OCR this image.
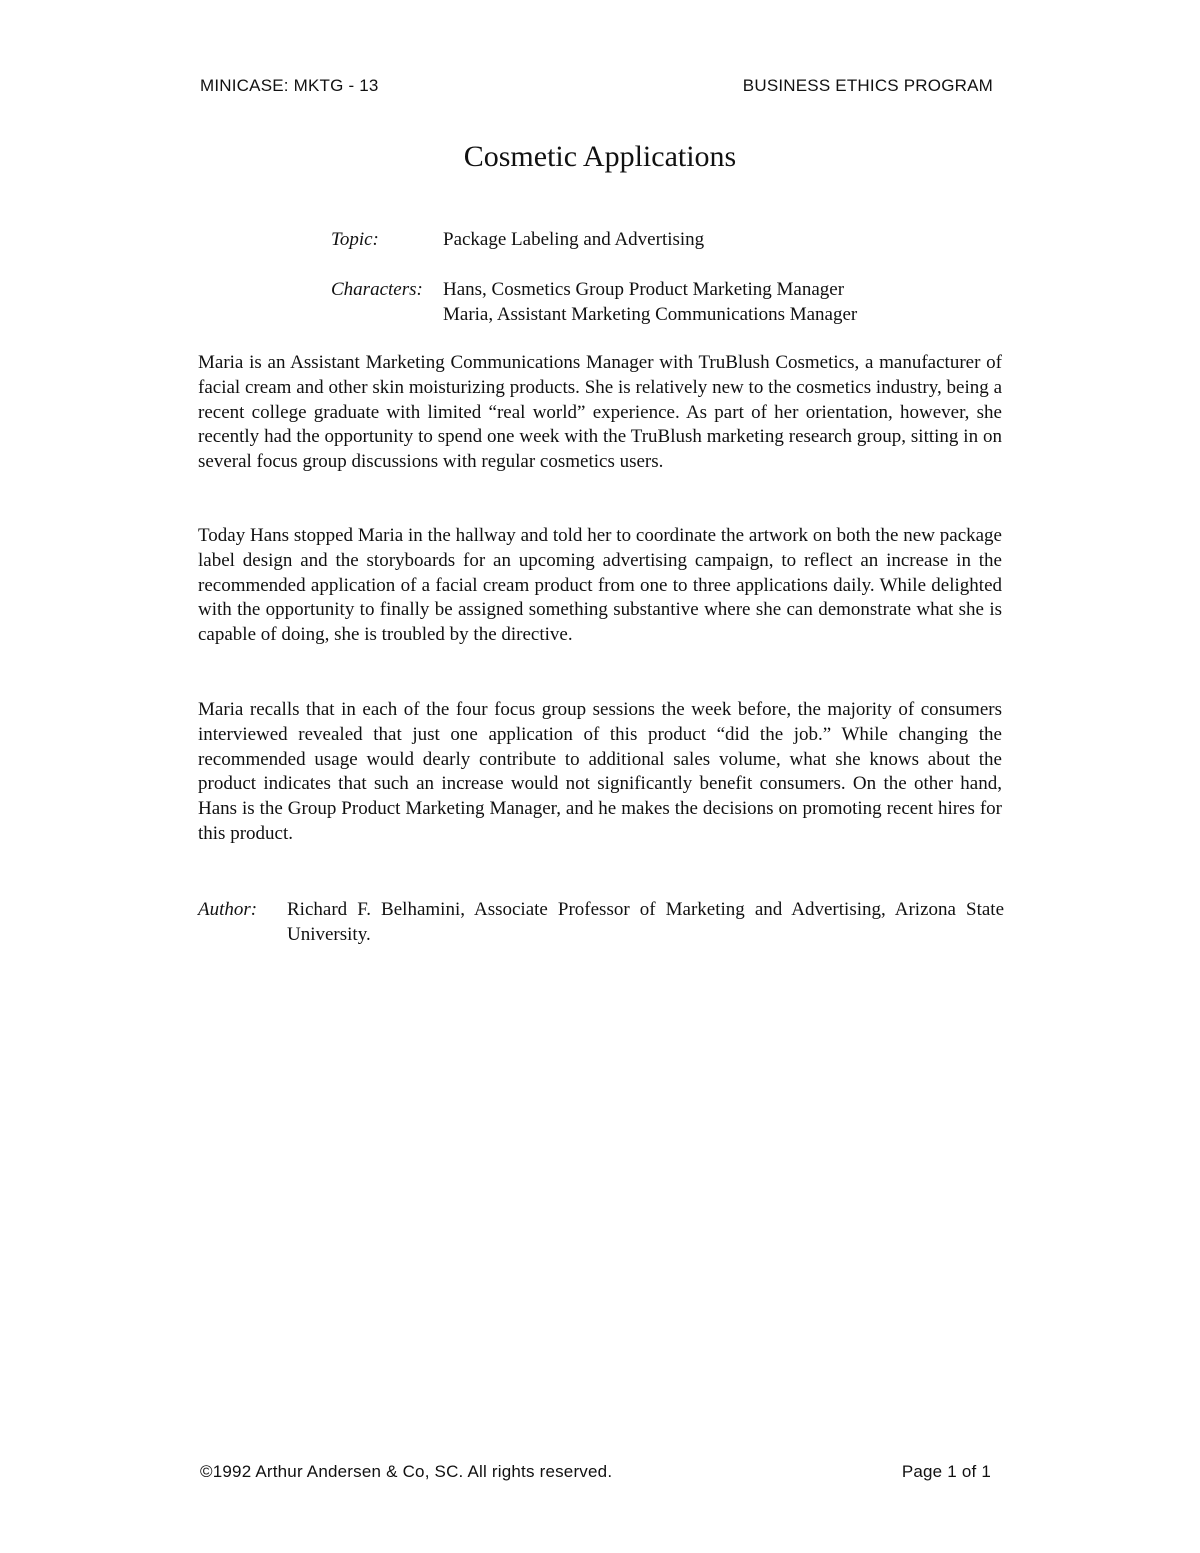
MINICASE: MKTG - 13	BUSINESS ETHICS PROGRAM
Cosmetic Applications
Topic:	Package Labeling and Advertising
Characters: Hans, Cosmetics Group Product Marketing Manager
Maria, Assistant Marketing Communications Manager

Maria is an Assistant Marketing Communications Manager with TruBlush Cosmetics, a manufacturer of facial cream and other skin moisturizing products. She is relatively new to the cosmetics industry, being a recent college graduate with limited “real world” experience. As part of her orientation, however, she recently had the opportunity to spend one week with the TruBlush marketing research group, sitting in on several focus group discussions with regular cosmetics users.

Today Hans stopped Maria in the hallway and told her to coordinate the artwork on both the new package label design and the storyboards for an upcoming advertising campaign, to reflect an increase in the recommended application of a facial cream product from one to three applications daily. While delighted with the opportunity to finally be assigned something substantive where she can demonstrate what she is capable of doing, she is troubled by the directive.

Maria recalls that in each of the four focus group sessions the week before, the majority of consumers interviewed revealed that just one application of this product “did the job.” While changing the recommended usage would dearly contribute to additional sales volume, what she knows about the product indicates that such an increase would not significantly benefit consumers. On the other hand, Hans is the Group Product Marketing Manager, and he makes the decisions on promoting recent hires for this product.

Author: Richard F. Belhamini, Associate Professor of Marketing and Advertising, Arizona State University.
©1992 Arthur Andersen & Co, SC. All rights reserved.	Page 1 of 1
